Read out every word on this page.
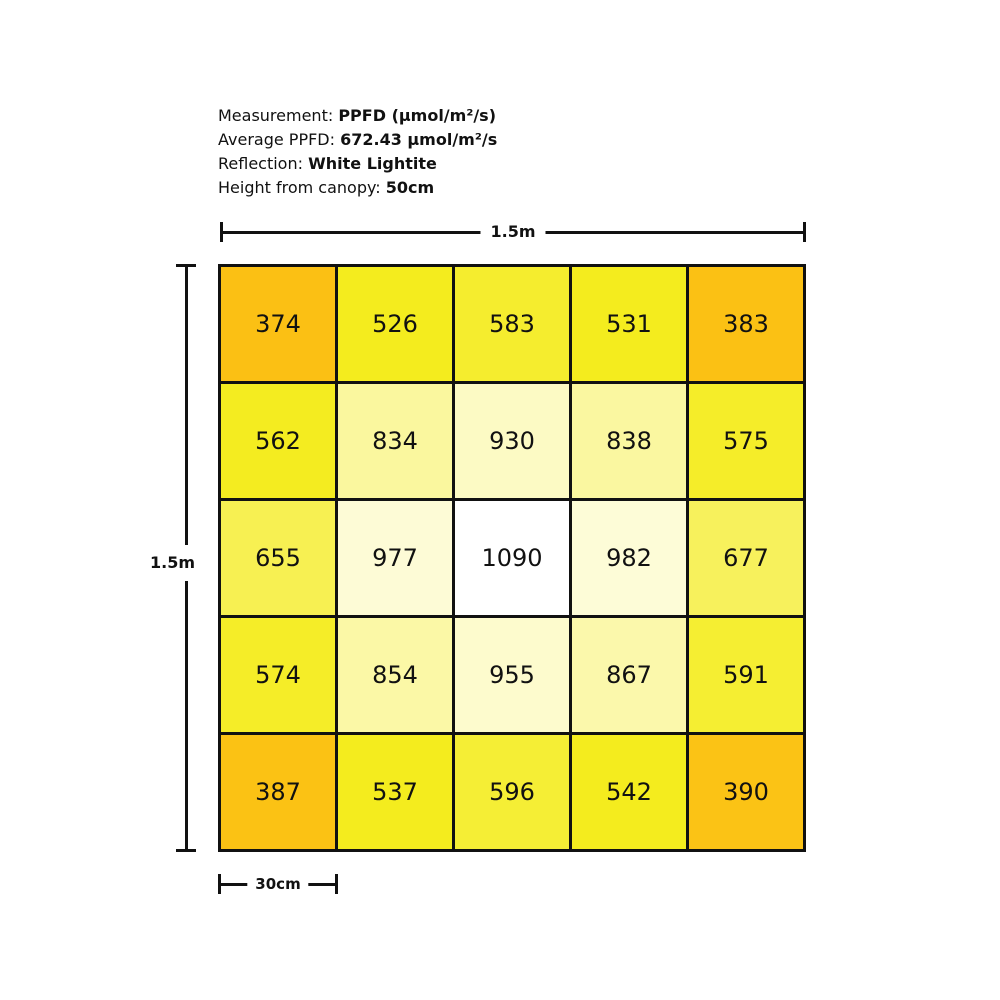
Measurement: PPFD (µmol/m²/s)
Average PPFD: 672.43 µmol/m²/s
Reflection: White Lightite
Height from canopy: 50cm
1.5m
1.5m
374	526	583	531	383
562	834	930	838	575
655	977	1090	982	677
574	854	955	867	591
387	537	596	542	390
30cm
